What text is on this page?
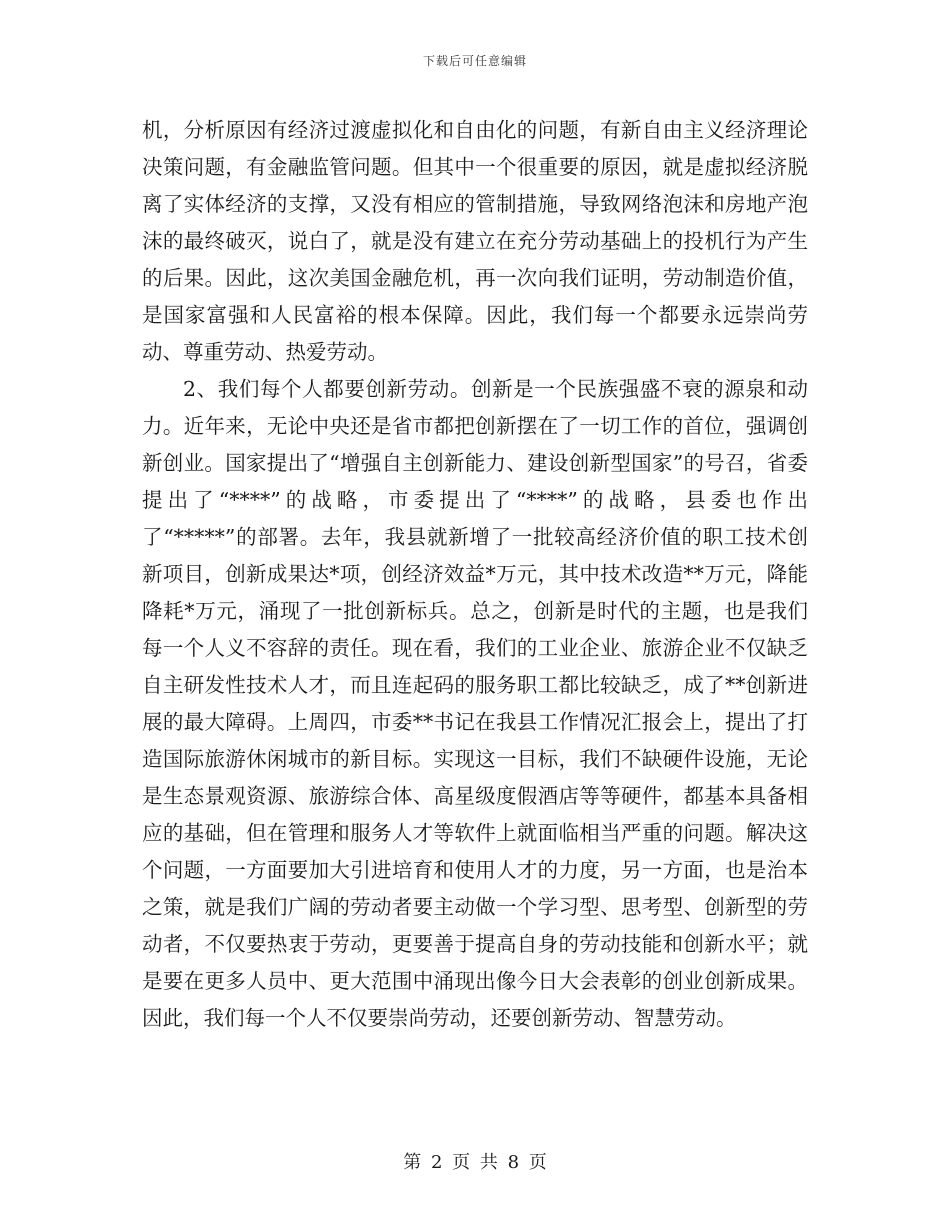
下载后可任意编辑

机，分析原因有经济过渡虚拟化和自由化的问题，有新自由主义经济理论决策问题，有金融监管问题。但其中一个很重要的原因，就是虚拟经济脱离了实体经济的支撑，又没有相应的管制措施，导致网络泡沫和房地产泡沫的最终破灭，说白了，就是没有建立在充分劳动基础上的投机行为产生的后果。因此，这次美国金融危机，再一次向我们证明，劳动制造价值，是国家富强和人民富裕的根本保障。因此，我们每一个都要永远崇尚劳动、尊重劳动、热爱劳动。

2、我们每个人都要创新劳动。创新是一个民族强盛不衰的源泉和动力。近年来，无论中央还是省市都把创新摆在了一切工作的首位，强调创新创业。国家提出了“增强自主创新能力、建设创新型国家”的号召，省委提出了“****”的战略，市委提出了“****”的战略，县委也作出了“*****”的部署。去年，我县就新增了一批较高经济价值的职工技术创新项目，创新成果达*项，创经济效益*万元，其中技术改造**万元，降能降耗*万元，涌现了一批创新标兵。总之，创新是时代的主题，也是我们每一个人义不容辞的责任。现在看，我们的工业企业、旅游企业不仅缺乏自主研发性技术人才，而且连起码的服务职工都比较缺乏，成了**创新进展的最大障碍。上周四，市委**书记在我县工作情况汇报会上，提出了打造国际旅游休闲城市的新目标。实现这一目标，我们不缺硬件设施，无论是生态景观资源、旅游综合体、高星级度假酒店等等硬件，都基本具备相应的基础，但在管理和服务人才等软件上就面临相当严重的问题。解决这个问题，一方面要加大引进培育和使用人才的力度，另一方面，也是治本之策，就是我们广阔的劳动者要主动做一个学习型、思考型、创新型的劳动者，不仅要热衷于劳动，更要善于提高自身的劳动技能和创新水平；就是要在更多人员中、更大范围中涌现出像今日大会表彰的创业创新成果。因此，我们每一个人不仅要崇尚劳动，还要创新劳动、智慧劳动。

第 2 页 共 8 页
